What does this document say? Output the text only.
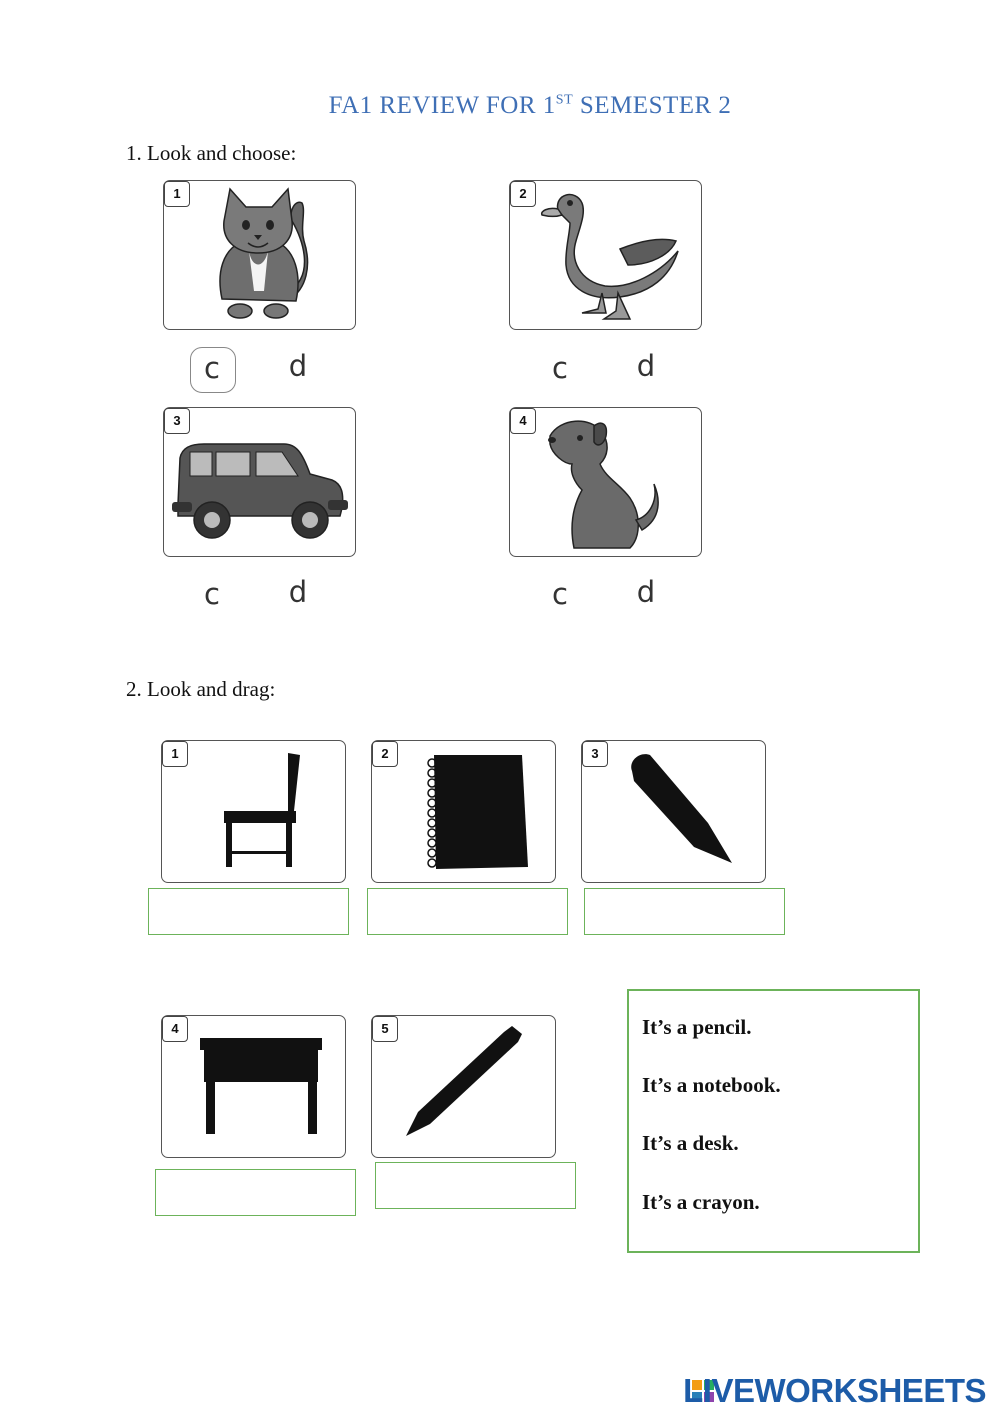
FA1 REVIEW FOR 1ST SEMESTER 2
1. Look and choose:
1
c	d
2
c	d
3
c	d
4
c	d
2. Look and drag:
1	2	3
4	5	It’s a pencil.
It’s a notebook.
It’s a desk.
It’s a crayon.
LIVEWORKSHEETS
